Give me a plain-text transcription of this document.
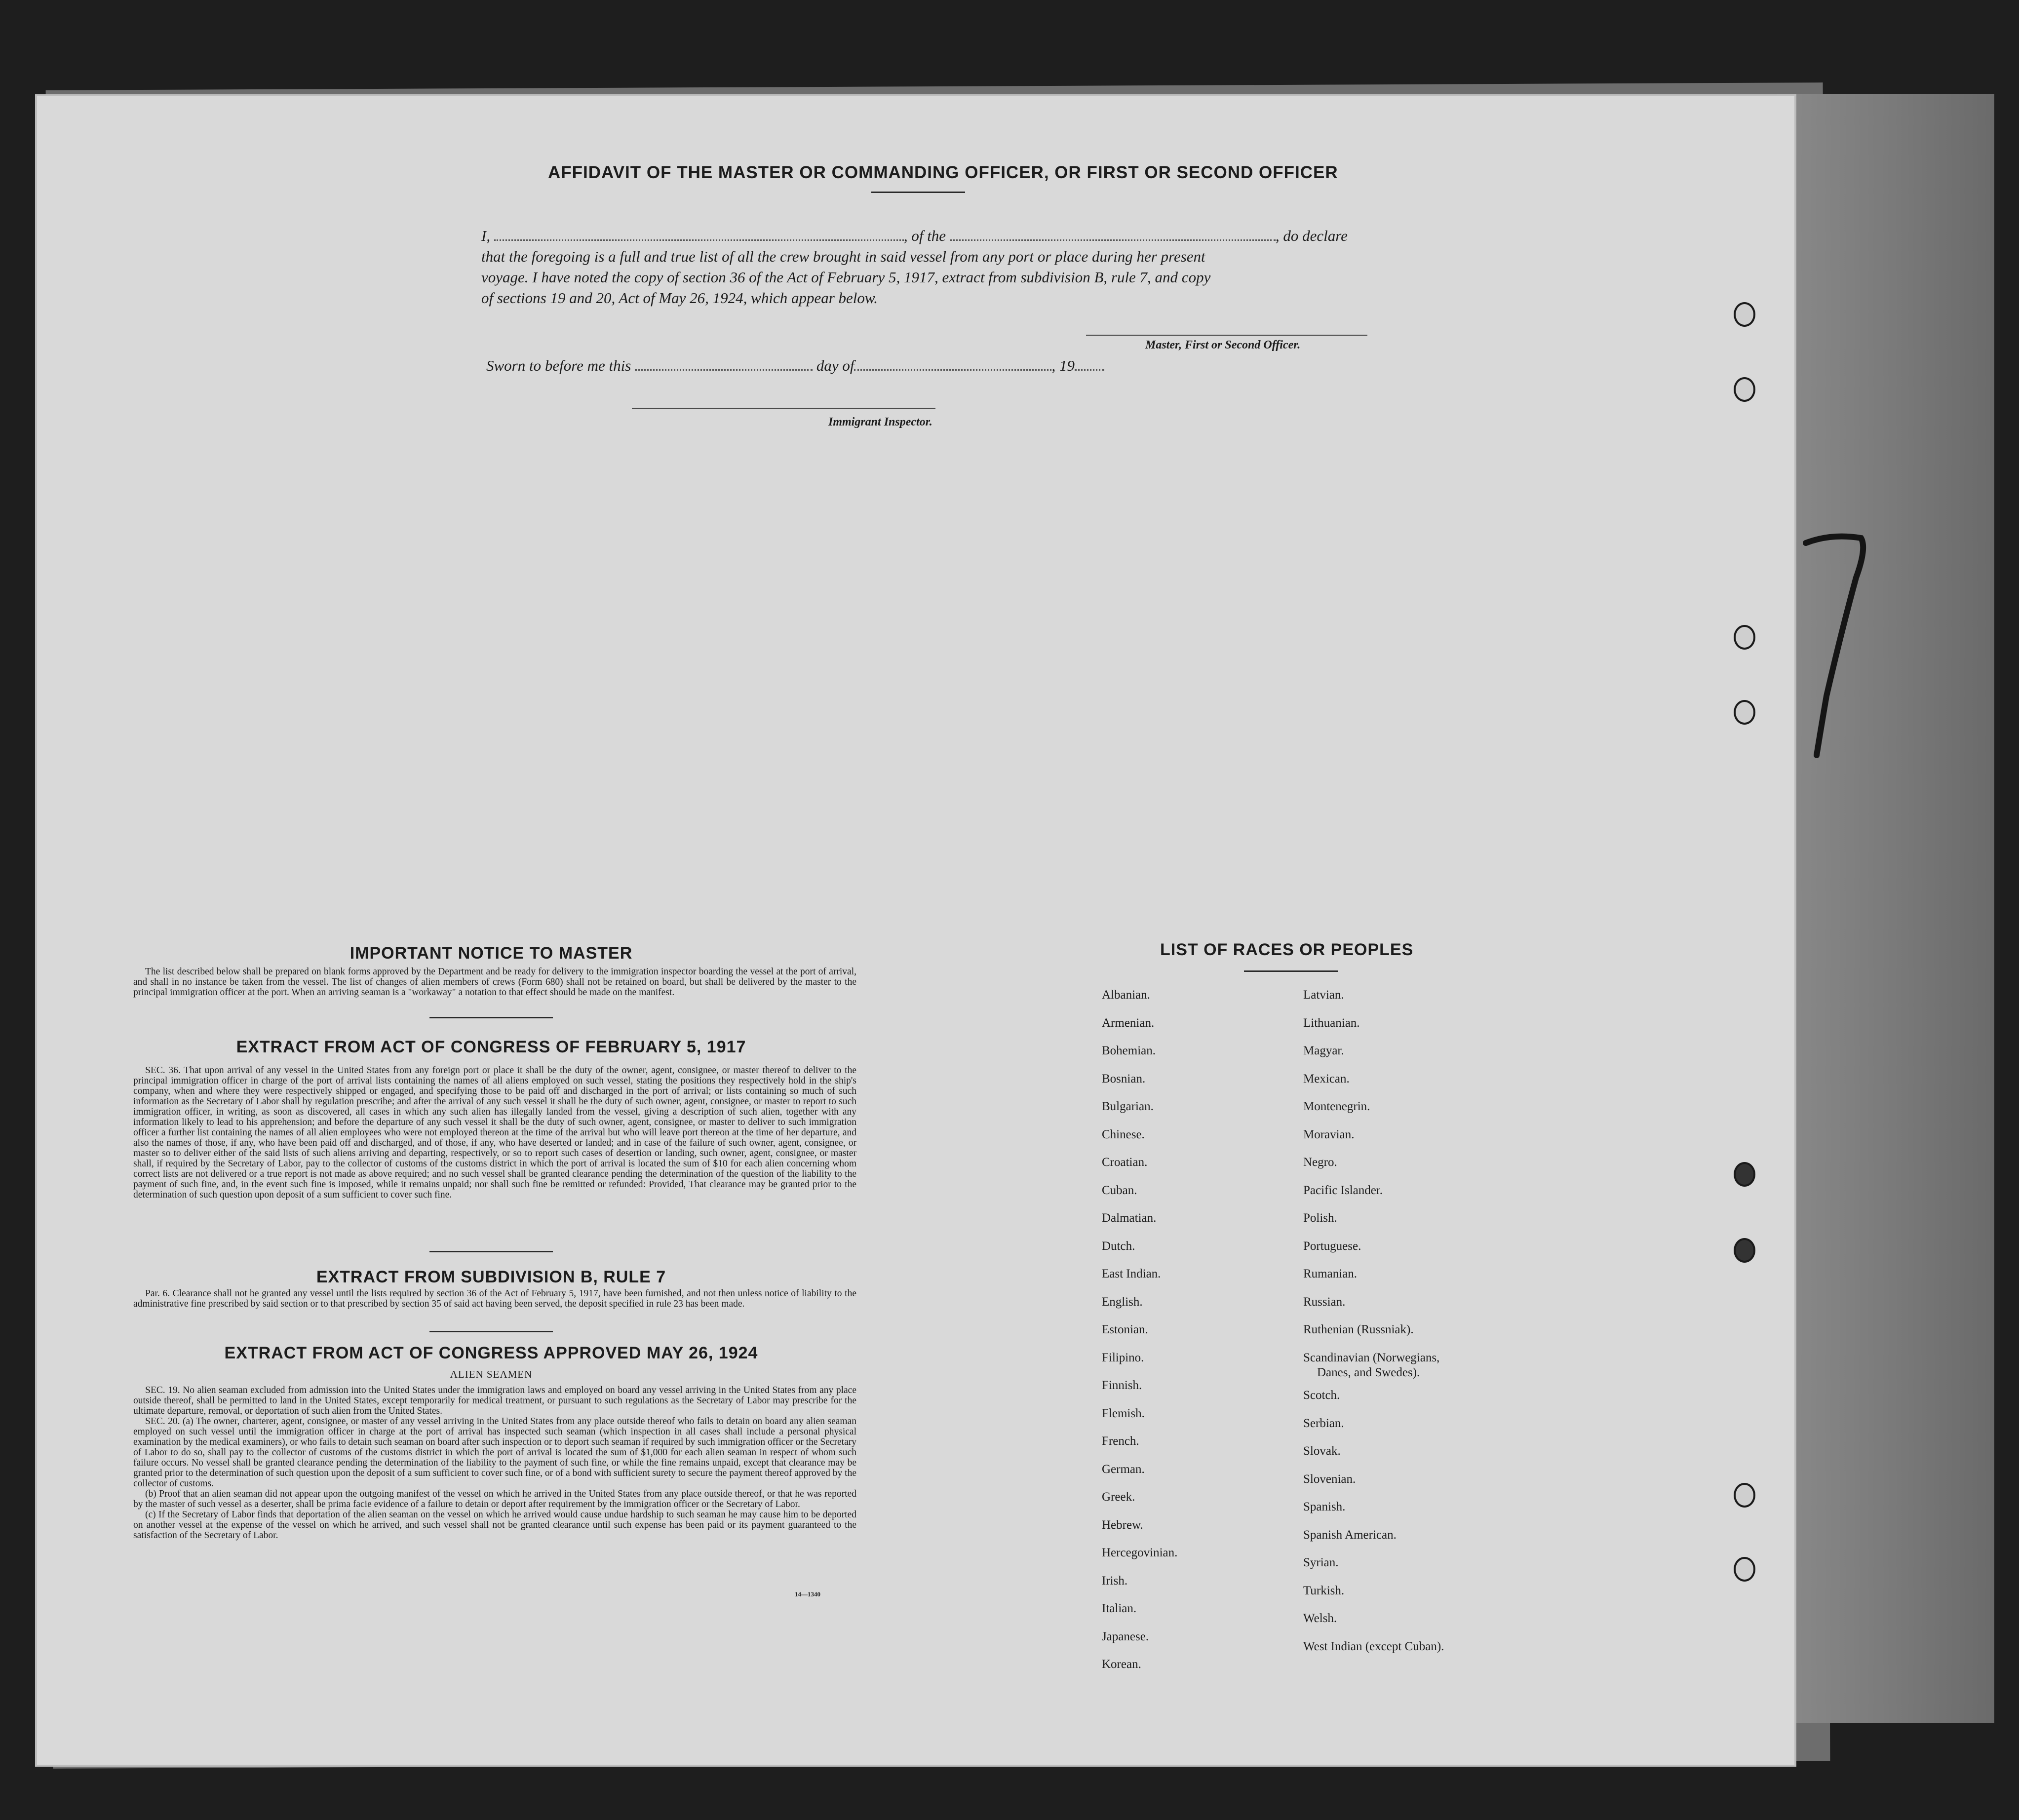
AFFIDAVIT OF THE MASTER OR COMMANDING OFFICER, OR FIRST OR SECOND OFFICER

I,	, of the	, do declare

that the foregoing is a full and true list of all the crew brought in said vessel from any port or place during her present

voyage. I have noted the copy of section 36 of the Act of February 5, 1917, extract from subdivision B, rule 7, and copy

of sections 19 and 20, Act of May 26, 1924, which appear below.

Master, First or Second Officer.
Sworn to before me this	day of	, 19
Immigrant Inspector.
IMPORTANT NOTICE TO MASTER

The list described below shall be prepared on blank forms approved by the Department and be ready for delivery to the immigration inspector boarding the vessel at the port of arrival, and shall in no instance be taken from the vessel. The list of changes of alien members of crews (Form 680) shall not be retained on board, but shall be delivered by the master to the principal immigration officer at the port. When an arriving seaman is a "workaway" a notation to that effect should be made on the manifest.

EXTRACT FROM ACT OF CONGRESS OF FEBRUARY 5, 1917

SEC. 36. That upon arrival of any vessel in the United States from any foreign port or place it shall be the duty of the owner, agent, consignee, or master thereof to deliver to the principal immigration officer in charge of the port of arrival lists containing the names of all aliens employed on such vessel, stating the positions they respectively hold in the ship's company, when and where they were respectively shipped or engaged, and specifying those to be paid off and discharged in the port of arrival; or lists containing so much of such information as the Secretary of Labor shall by regulation prescribe; and after the arrival of any such vessel it shall be the duty of such owner, agent, consignee, or master to report to such immigration officer, in writing, as soon as discovered, all cases in which any such alien has illegally landed from the vessel, giving a description of such alien, together with any information likely to lead to his apprehension; and before the departure of any such vessel it shall be the duty of such owner, agent, consignee, or master to deliver to such immigration officer a further list containing the names of all alien employees who were not employed thereon at the time of the arrival but who will leave port thereon at the time of her departure, and also the names of those, if any, who have been paid off and discharged, and of those, if any, who have deserted or landed; and in case of the failure of such owner, agent, consignee, or master so to deliver either of the said lists of such aliens arriving and departing, respectively, or so to report such cases of desertion or landing, such owner, agent, consignee, or master shall, if required by the Secretary of Labor, pay to the collector of customs of the customs district in which the port of arrival is located the sum of $10 for each alien concerning whom correct lists are not delivered or a true report is not made as above required; and no such vessel shall be granted clearance pending the determination of the question of the liability to the payment of such fine, and, in the event such fine is imposed, while it remains unpaid; nor shall such fine be remitted or refunded: Provided, That clearance may be granted prior to the determination of such question upon deposit of a sum sufficient to cover such fine.

EXTRACT FROM SUBDIVISION B, RULE 7

Par. 6. Clearance shall not be granted any vessel until the lists required by section 36 of the Act of February 5, 1917, have been furnished, and not then unless notice of liability to the administrative fine prescribed by said section or to that prescribed by section 35 of said act having been served, the deposit specified in rule 23 has been made.

EXTRACT FROM ACT OF CONGRESS APPROVED MAY 26, 1924
ALIEN SEAMEN

SEC. 19. No alien seaman excluded from admission into the United States under the immigration laws and employed on board any vessel arriving in the United States from any place outside thereof, shall be permitted to land in the United States, except temporarily for medical treatment, or pursuant to such regulations as the Secretary of Labor may prescribe for the ultimate departure, removal, or deportation of such alien from the United States.

SEC. 20. (a) The owner, charterer, agent, consignee, or master of any vessel arriving in the United States from any place outside thereof who fails to detain on board any alien seaman employed on such vessel until the immigration officer in charge at the port of arrival has inspected such seaman (which inspection in all cases shall include a personal physical examination by the medical examiners), or who fails to detain such seaman on board after such inspection or to deport such seaman if required by such immigration officer or the Secretary of Labor to do so, shall pay to the collector of customs of the customs district in which the port of arrival is located the sum of $1,000 for each alien seaman in respect of whom such failure occurs. No vessel shall be granted clearance pending the determination of the liability to the payment of such fine, or while the fine remains unpaid, except that clearance may be granted prior to the determination of such question upon the deposit of a sum sufficient to cover such fine, or of a bond with sufficient surety to secure the payment thereof approved by the collector of customs.

(b) Proof that an alien seaman did not appear upon the outgoing manifest of the vessel on which he arrived in the United States from any place outside thereof, or that he was reported by the master of such vessel as a deserter, shall be prima facie evidence of a failure to detain or deport after requirement by the immigration officer or the Secretary of Labor.

(c) If the Secretary of Labor finds that deportation of the alien seaman on the vessel on which he arrived would cause undue hardship to such seaman he may cause him to be deported on another vessel at the expense of the vessel on which he arrived, and such vessel shall not be granted clearance until such expense has been paid or its payment guaranteed to the satisfaction of the Secretary of Labor.

14—1340
LIST OF RACES OR PEOPLES
Albanian.
Armenian.
Bohemian.
Bosnian.
Bulgarian.
Chinese.
Croatian.
Cuban.
Dalmatian.
Dutch.
East Indian.
English.
Estonian.
Filipino.
Finnish.
Flemish.
French.
German.
Greek.
Hebrew.
Hercegovinian.
Irish.
Italian.
Japanese.
Korean.
Latvian.
Lithuanian.
Magyar.
Mexican.
Montenegrin.
Moravian.
Negro.
Pacific Islander.
Polish.
Portuguese.
Rumanian.
Russian.
Ruthenian (Russniak).
Scandinavian (Norwegians,
Danes, and Swedes).
Scotch.
Serbian.
Slovak.
Slovenian.
Spanish.
Spanish American.
Syrian.
Turkish.
Welsh.
West Indian (except Cuban).
